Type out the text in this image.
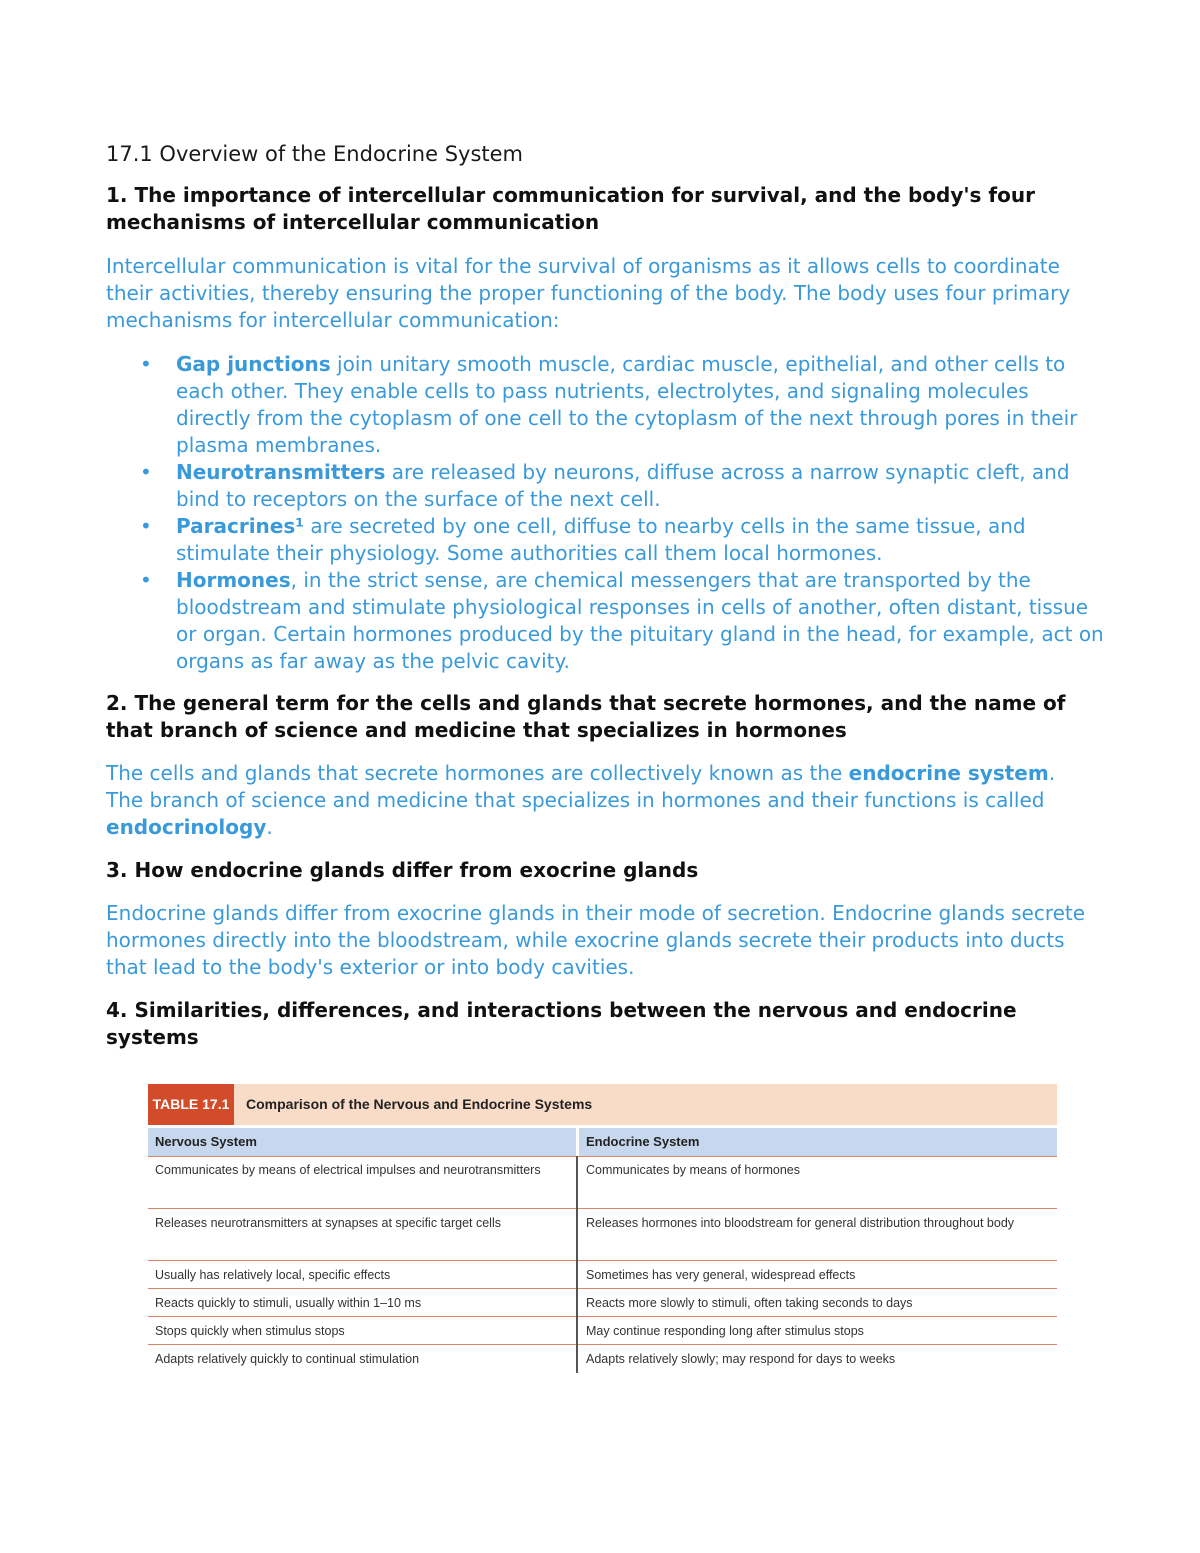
17.1 Overview of the Endocrine System
1. The importance of intercellular communication for survival, and the body's four mechanisms of intercellular communication
Intercellular communication is vital for the survival of organisms as it allows cells to coordinate their activities, thereby ensuring the proper functioning of the body. The body uses four primary mechanisms for intercellular communication:
• Gap junctions join unitary smooth muscle, cardiac muscle, epithelial, and other cells to each other. They enable cells to pass nutrients, electrolytes, and signaling molecules directly from the cytoplasm of one cell to the cytoplasm of the next through pores in their plasma membranes.
• Neurotransmitters are released by neurons, diffuse across a narrow synaptic cleft, and bind to receptors on the surface of the next cell.
• Paracrines¹ are secreted by one cell, diffuse to nearby cells in the same tissue, and stimulate their physiology. Some authorities call them local hormones.
• Hormones, in the strict sense, are chemical messengers that are transported by the bloodstream and stimulate physiological responses in cells of another, often distant, tissue or organ. Certain hormones produced by the pituitary gland in the head, for example, act on organs as far away as the pelvic cavity.
2. The general term for the cells and glands that secrete hormones, and the name of that branch of science and medicine that specializes in hormones
The cells and glands that secrete hormones are collectively known as the endocrine system. The branch of science and medicine that specializes in hormones and their functions is called endocrinology.
3. How endocrine glands differ from exocrine glands
Endocrine glands differ from exocrine glands in their mode of secretion. Endocrine glands secrete hormones directly into the bloodstream, while exocrine glands secrete their products into ducts that lead to the body's exterior or into body cavities.
4. Similarities, differences, and interactions between the nervous and endocrine systems
TABLE 17.1	Comparison of the Nervous and Endocrine Systems
Nervous System	Endocrine System
Communicates by means of electrical impulses and neurotransmitters	Communicates by means of hormones
Releases neurotransmitters at synapses at specific target cells	Releases hormones into bloodstream for general distribution throughout body
Usually has relatively local, specific effects	Sometimes has very general, widespread effects
Reacts quickly to stimuli, usually within 1–10 ms	Reacts more slowly to stimuli, often taking seconds to days
Stops quickly when stimulus stops	May continue responding long after stimulus stops
Adapts relatively quickly to continual stimulation	Adapts relatively slowly; may respond for days to weeks
